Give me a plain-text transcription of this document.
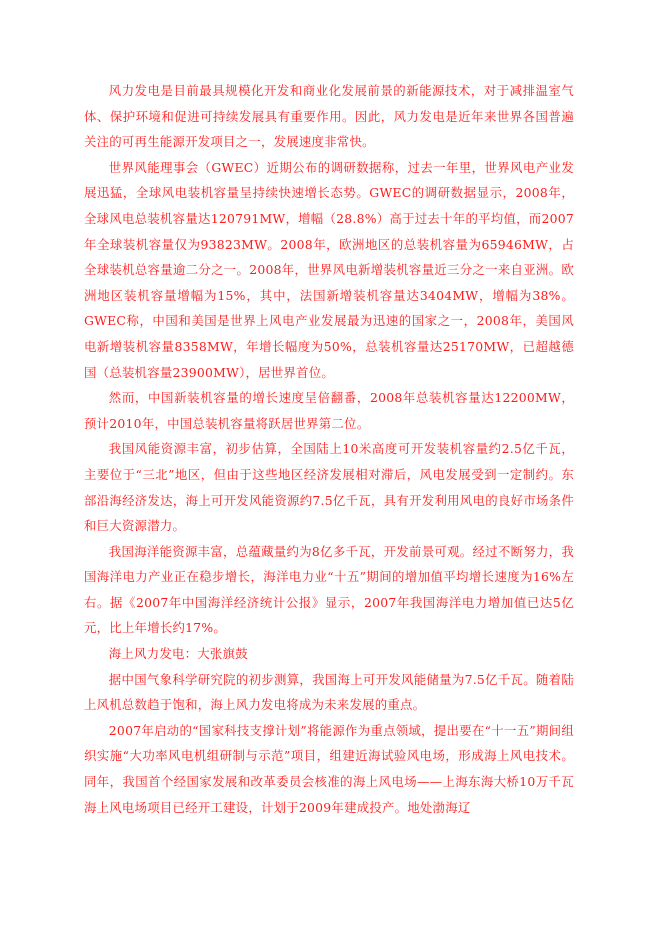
风力发电是目前最具规模化开发和商业化发展前景的新能源技术，对于减排温室气体、保护环境和促进可持续发展具有重要作用。因此，风力发电是近年来世界各国普遍关注的可再生能源开发项目之一，发展速度非常快。

世界风能理事会（GWEC）近期公布的调研数据称，过去一年里，世界风电产业发展迅猛，全球风电装机容量呈持续快速增长态势。GWEC的调研数据显示，2008年，全球风电总装机容量达120791MW，增幅（28.8%）高于过去十年的平均值，而2007年全球装机容量仅为93823MW。2008年，欧洲地区的总装机容量为65946MW，占全球装机总容量逾二分之一。2008年，世界风电新增装机容量近三分之一来自亚洲。欧洲地区装机容量增幅为15%，其中，法国新增装机容量达3404MW，增幅为38%。GWEC称，中国和美国是世界上风电产业发展最为迅速的国家之一，2008年，美国风电新增装机容量8358MW，年增长幅度为50%，总装机容量达25170MW，已超越德国（总装机容量23900MW），居世界首位。

然而，中国新装机容量的增长速度呈倍翻番，2008年总装机容量达12200MW，预计2010年，中国总装机容量将跃居世界第二位。

我国风能资源丰富，初步估算，全国陆上10米高度可开发装机容量约2.5亿千瓦，主要位于“三北”地区，但由于这些地区经济发展相对滞后，风电发展受到一定制约。东部沿海经济发达，海上可开发风能资源约7.5亿千瓦，具有开发利用风电的良好市场条件和巨大资源潜力。

我国海洋能资源丰富，总蕴藏量约为8亿多千瓦，开发前景可观。经过不断努力，我国海洋电力产业正在稳步增长，海洋电力业“十五”期间的增加值平均增长速度为16%左右。据《2007年中国海洋经济统计公报》显示，2007年我国海洋电力增加值已达5亿元，比上年增长约17%。

海上风力发电：大张旗鼓

据中国气象科学研究院的初步测算，我国海上可开发风能储量为7.5亿千瓦。随着陆上风机总数趋于饱和，海上风力发电将成为未来发展的重点。

2007年启动的“国家科技支撑计划”将能源作为重点领域，提出要在“十一五”期间组织实施“大功率风电机组研制与示范”项目，组建近海试验风电场，形成海上风电技术。同年，我国首个经国家发展和改革委员会核准的海上风电场——上海东海大桥10万千瓦海上风电场项目已经开工建设，计划于2009年建成投产。地处渤海辽
